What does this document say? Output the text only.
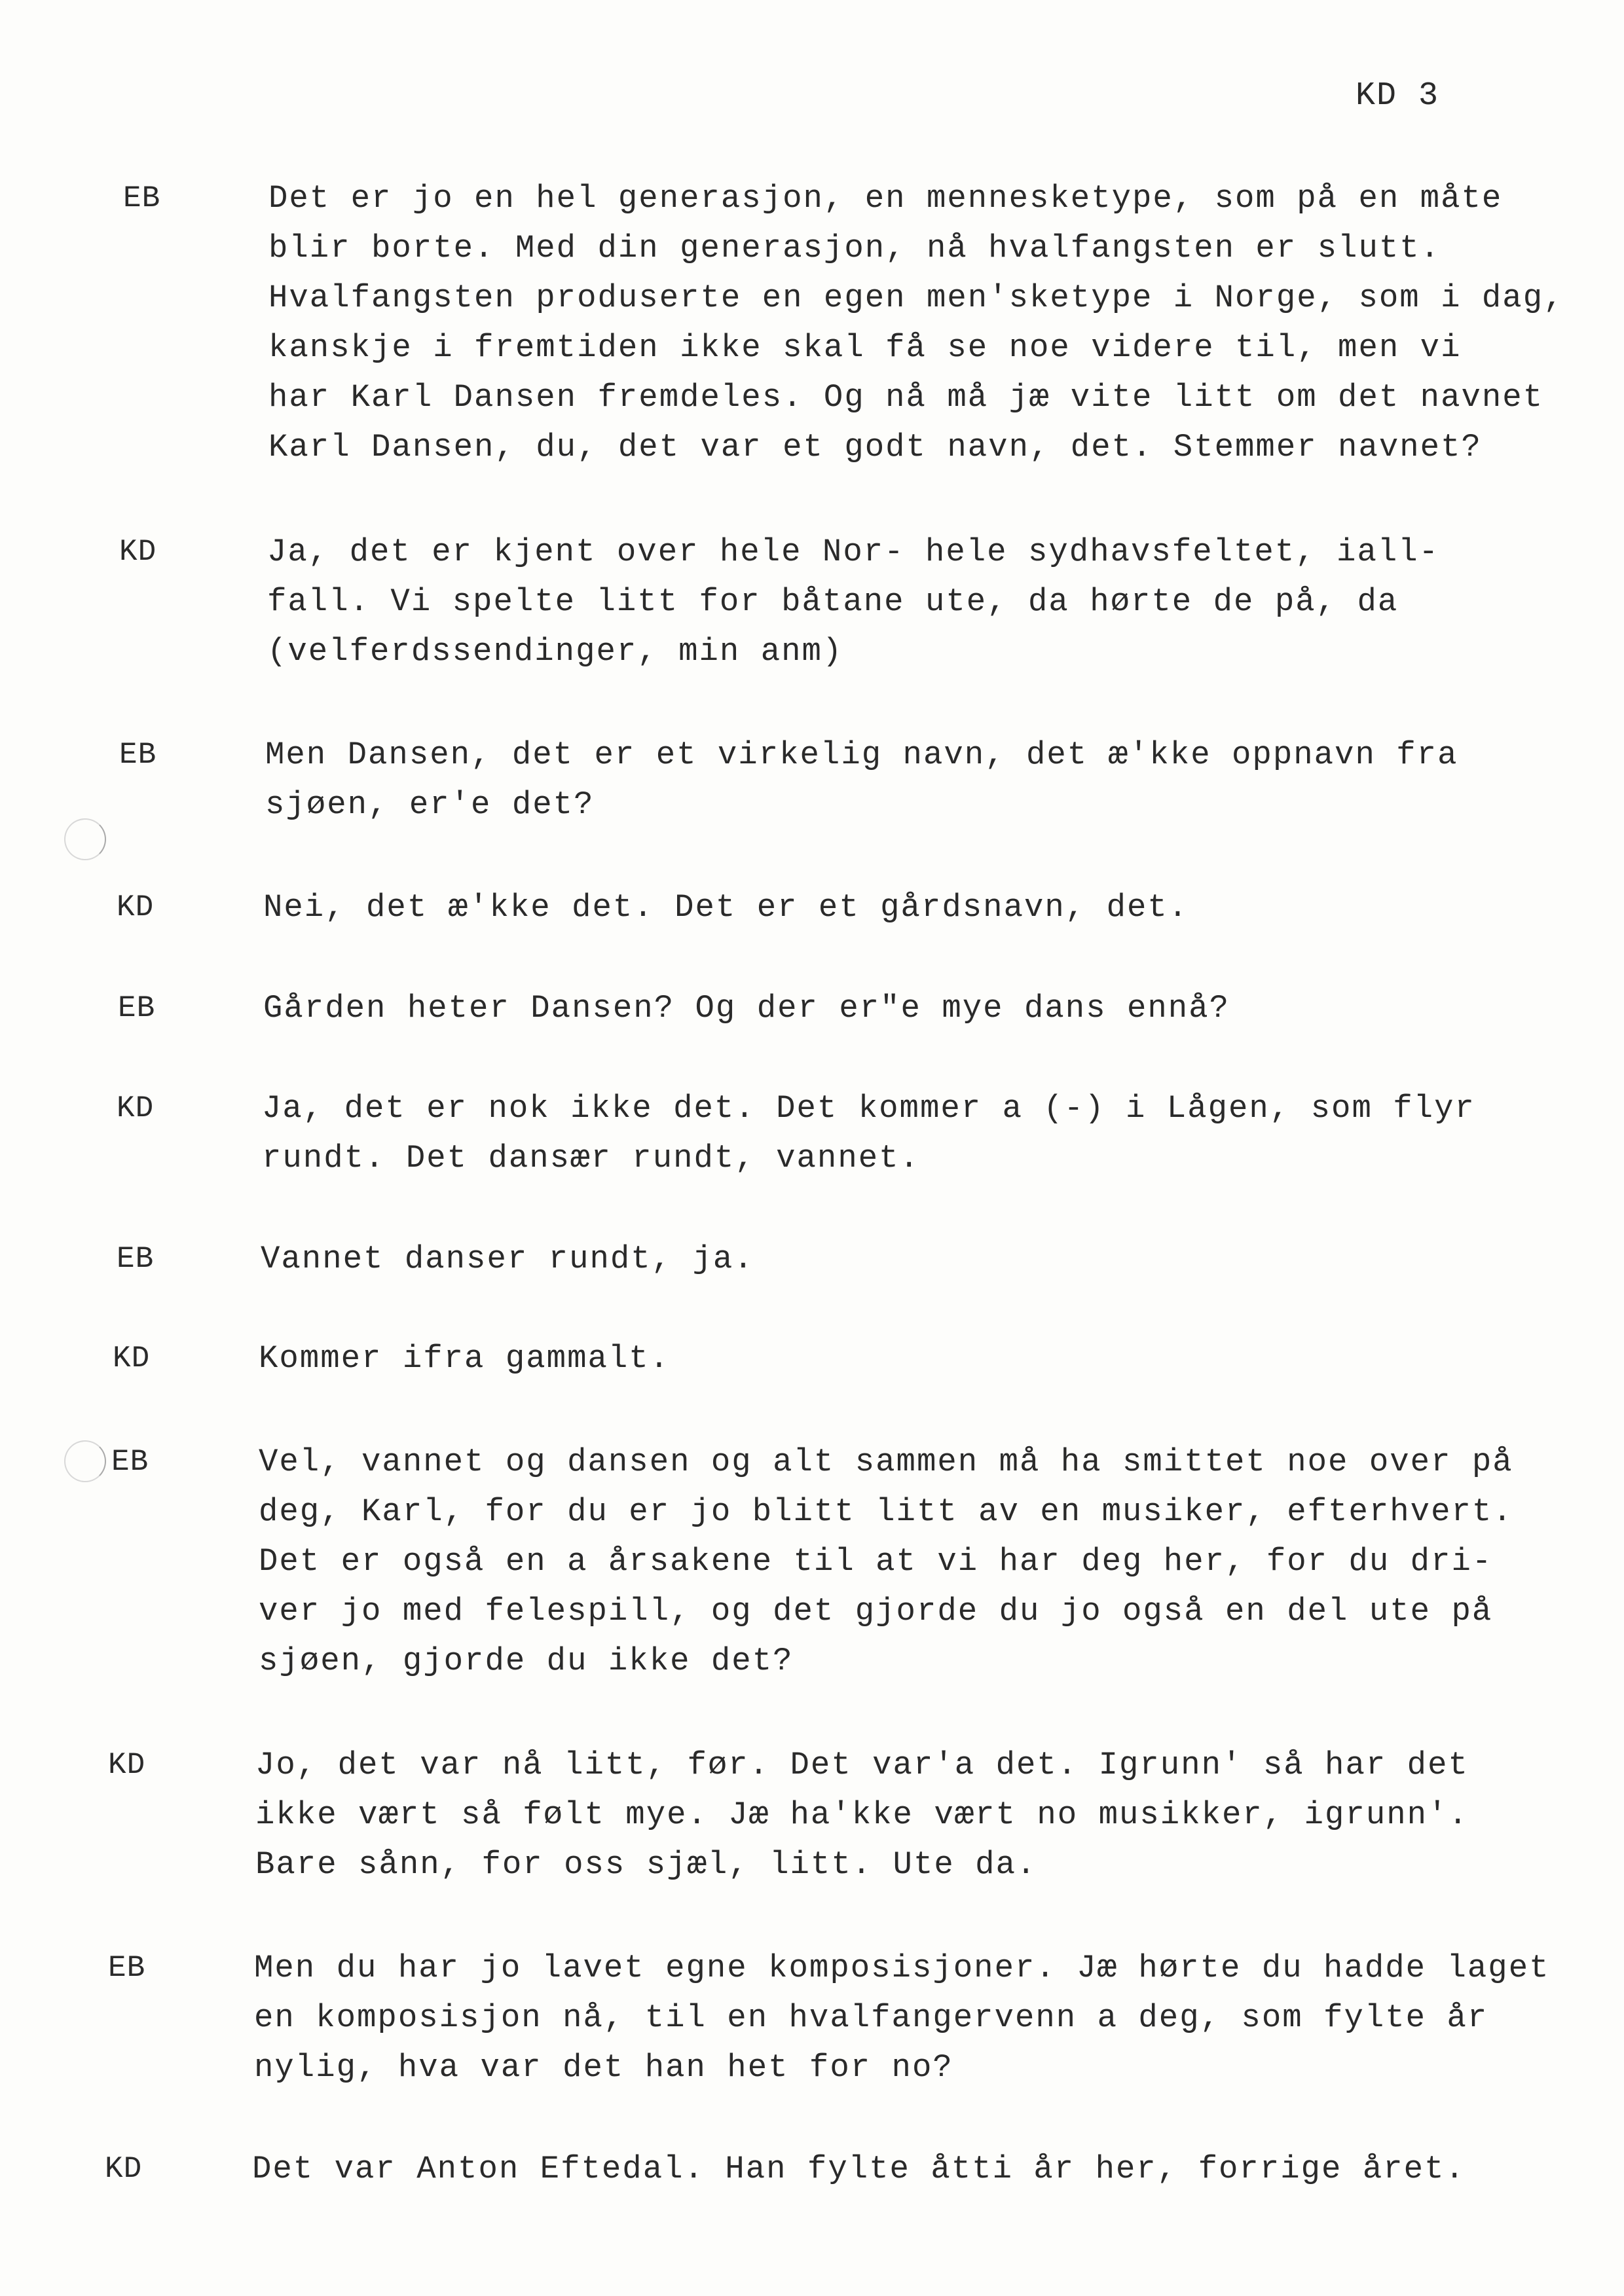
KD 3
EB	Det er jo en hel generasjon, en mennesketype, som på en måte
blir borte. Med din generasjon, nå hvalfangsten er slutt.
Hvalfangsten produserte en egen men'sketype i Norge, som i dag,
kanskje i fremtiden ikke skal få se noe videre til, men vi
har Karl Dansen fremdeles. Og nå må jæ vite litt om det navnet
Karl Dansen, du, det var et godt navn, det. Stemmer navnet?
KD	Ja, det er kjent over hele Nor- hele sydhavsfeltet, iall-
fall. Vi spelte litt for båtane ute, da hørte de på, da
(velferdssendinger, min anm)
EB	Men Dansen, det er et virkelig navn, det æ'kke oppnavn fra
sjøen, er'e det?
KD	Nei, det æ'kke det. Det er et gårdsnavn, det.
EB	Gården heter Dansen? Og der er"e mye dans ennå?
KD	Ja, det er nok ikke det. Det kommer a (-) i Lågen, som flyr
rundt. Det dansær rundt, vannet.
EB	Vannet danser rundt, ja.
KD	Kommer ifra gammalt.
EB	Vel, vannet og dansen og alt sammen må ha smittet noe over på
deg, Karl, for du er jo blitt litt av en musiker, efterhvert.
Det er også en a årsakene til at vi har deg her, for du dri-
ver jo med felespill, og det gjorde du jo også en del ute på
sjøen, gjorde du ikke det?
KD	Jo, det var nå litt, før. Det var'a det. Igrunn' så har det
ikke vært så følt mye. Jæ ha'kke vært no musikker, igrunn'.
Bare sånn, for oss sjæl, litt. Ute da.
EB	Men du har jo lavet egne komposisjoner. Jæ hørte du hadde laget
en komposisjon nå, til en hvalfangervenn a deg, som fylte år
nylig, hva var det han het for no?
KD	Det var Anton Eftedal. Han fylte åtti år her, forrige året.
